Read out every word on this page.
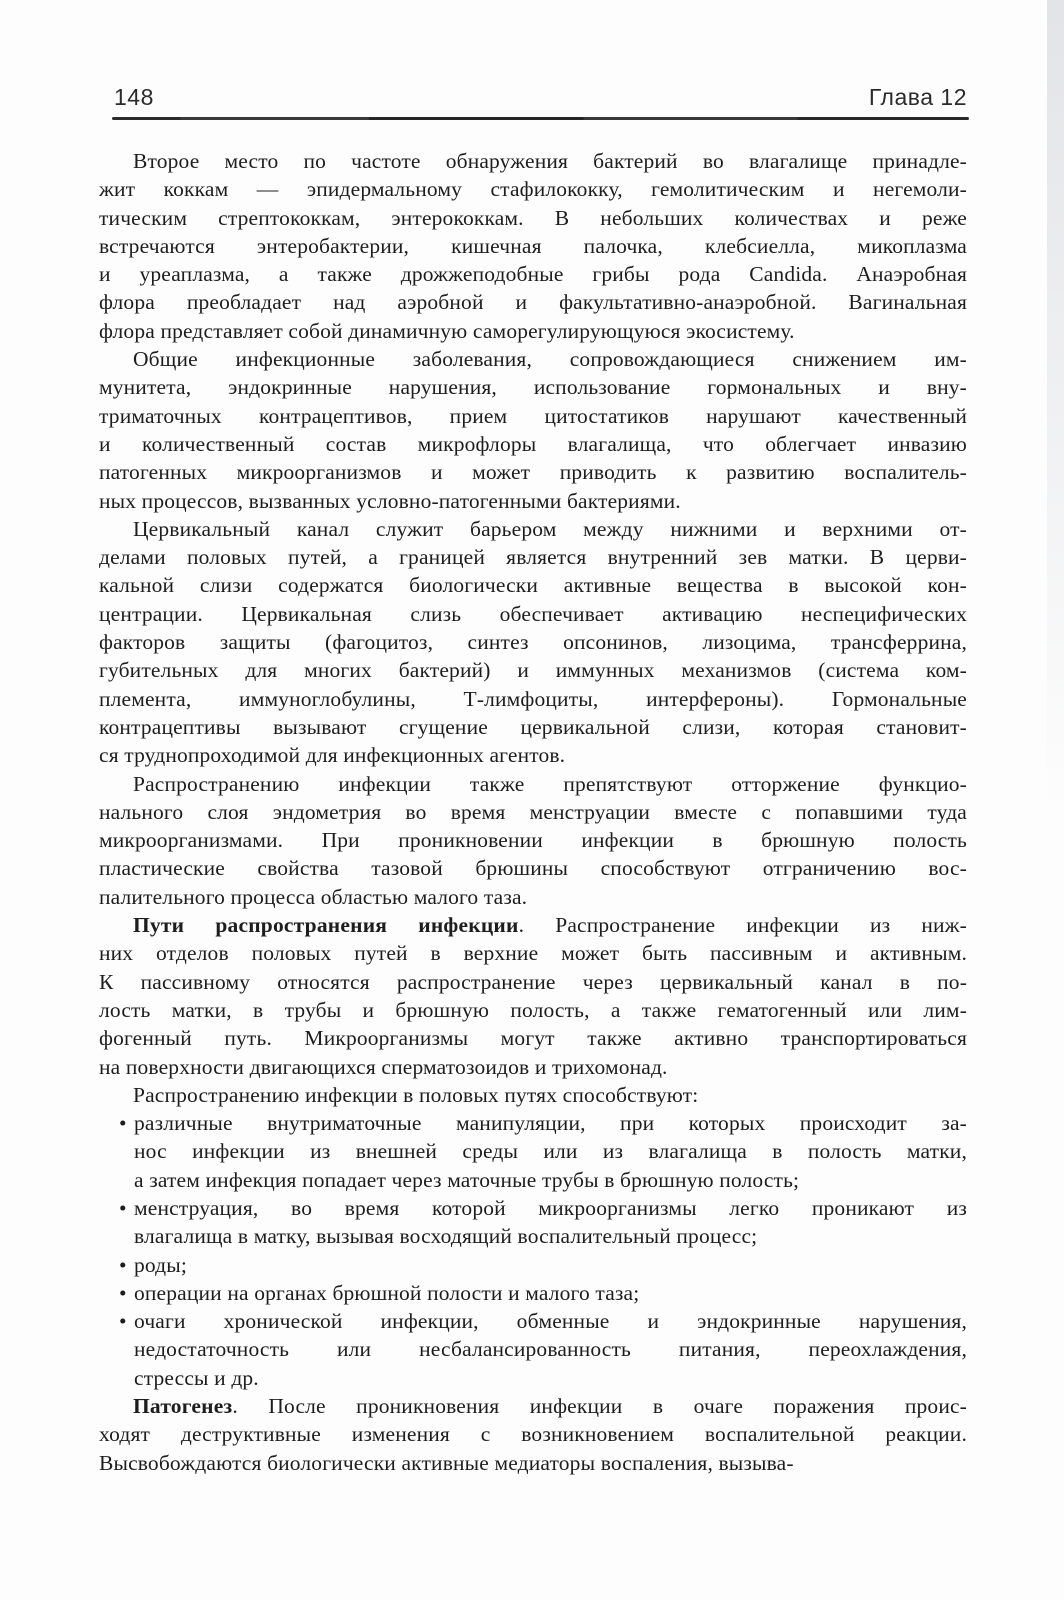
148	Глава 12
Второе место по частоте обнаружения бактерий во влагалище принадле-
жит коккам — эпидермальному стафилококку, гемолитическим и негемоли-
тическим стрептококкам, энтерококкам. В небольших количествах и реже
встречаются энтеробактерии, кишечная палочка, клебсиелла, микоплазма
и уреаплазма, а также дрожжеподобные грибы рода Candida. Анаэробная
флора преобладает над аэробной и факультативно-анаэробной. Вагинальная
флора представляет собой динамичную саморегулирующуюся экосистему.
Общие инфекционные заболевания, сопровождающиеся снижением им-
мунитета, эндокринные нарушения, использование гормональных и вну-
триматочных контрацептивов, прием цитостатиков нарушают качественный
и количественный состав микрофлоры влагалища, что облегчает инвазию
патогенных микроорганизмов и может приводить к развитию воспалитель-
ных процессов, вызванных условно-патогенными бактериями.
Цервикальный канал служит барьером между нижними и верхними от-
делами половых путей, а границей является внутренний зев матки. В церви-
кальной слизи содержатся биологически активные вещества в высокой кон-
центрации. Цервикальная слизь обеспечивает активацию неспецифических
факторов защиты (фагоцитоз, синтез опсонинов, лизоцима, трансферрина,
губительных для многих бактерий) и иммунных механизмов (система ком-
племента, иммуноглобулины, Т-лимфоциты, интерфероны). Гормональные
контрацептивы вызывают сгущение цервикальной слизи, которая становит-
ся труднопроходимой для инфекционных агентов.
Распространению инфекции также препятствуют отторжение функцио-
нального слоя эндометрия во время менструации вместе с попавшими туда
микроорганизмами. При проникновении инфекции в брюшную полость
пластические свойства тазовой брюшины способствуют отграничению вос-
палительного процесса областью малого таза.
Пути распространения инфекции. Распространение инфекции из ниж-
них отделов половых путей в верхние может быть пассивным и активным.
К пассивному относятся распространение через цервикальный канал в по-
лость матки, в трубы и брюшную полость, а также гематогенный или лим-
фогенный путь. Микроорганизмы могут также активно транспортироваться
на поверхности двигающихся сперматозоидов и трихомонад.
Распространению инфекции в половых путях способствуют:
• различные внутриматочные манипуляции, при которых происходит за-
нос инфекции из внешней среды или из влагалища в полость матки,
а затем инфекция попадает через маточные трубы в брюшную полость;
• менструация, во время которой микроорганизмы легко проникают из
влагалища в матку, вызывая восходящий воспалительный процесс;
• роды;
• операции на органах брюшной полости и малого таза;
• очаги хронической инфекции, обменные и эндокринные нарушения,
недостаточность или несбалансированность питания, переохлаждения,
стрессы и др.
Патогенез. После проникновения инфекции в очаге поражения проис-
ходят деструктивные изменения с возникновением воспалительной реакции.
Высвобождаются биологически активные медиаторы воспаления, вызыва-
